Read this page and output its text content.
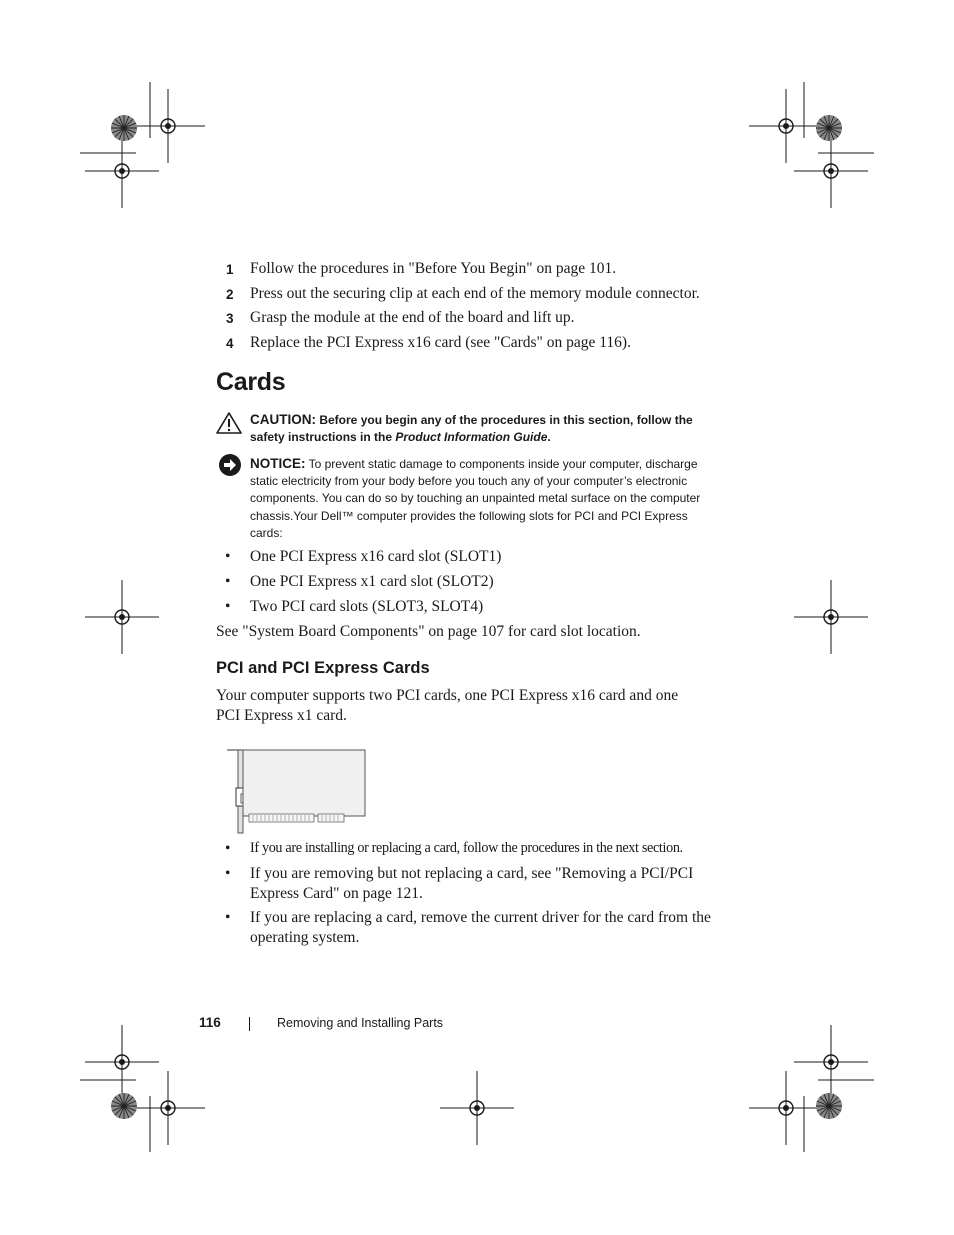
1 Follow the procedures in "Before You Begin" on page 101.
2 Press out the securing clip at each end of the memory module connector.
3 Grasp the module at the end of the board and lift up.
4 Replace the PCI Express x16 card (see "Cards" on page 116).
Cards
CAUTION: Before you begin any of the procedures in this section, follow the safety instructions in the Product Information Guide.
NOTICE: To prevent static damage to components inside your computer, discharge static electricity from your body before you touch any of your computer’s electronic components. You can do so by touching an unpainted metal surface on the computer chassis.Your Dell™ computer provides the following slots for PCI and PCI Express cards:
• One PCI Express x16 card slot (SLOT1)
• One PCI Express x1 card slot (SLOT2)
• Two PCI card slots (SLOT3, SLOT4)
See "System Board Components" on page 107 for card slot location.
PCI and PCI Express Cards
Your computer supports two PCI cards, one PCI Express x16 card and one PCI Express x1 card.
• If you are installing or replacing a card, follow the procedures in the next section.
• If you are removing but not replacing a card, see "Removing a PCI/PCI Express Card" on page 121.
• If you are replacing a card, remove the current driver for the card from the operating system.
116	Removing and Installing Parts
